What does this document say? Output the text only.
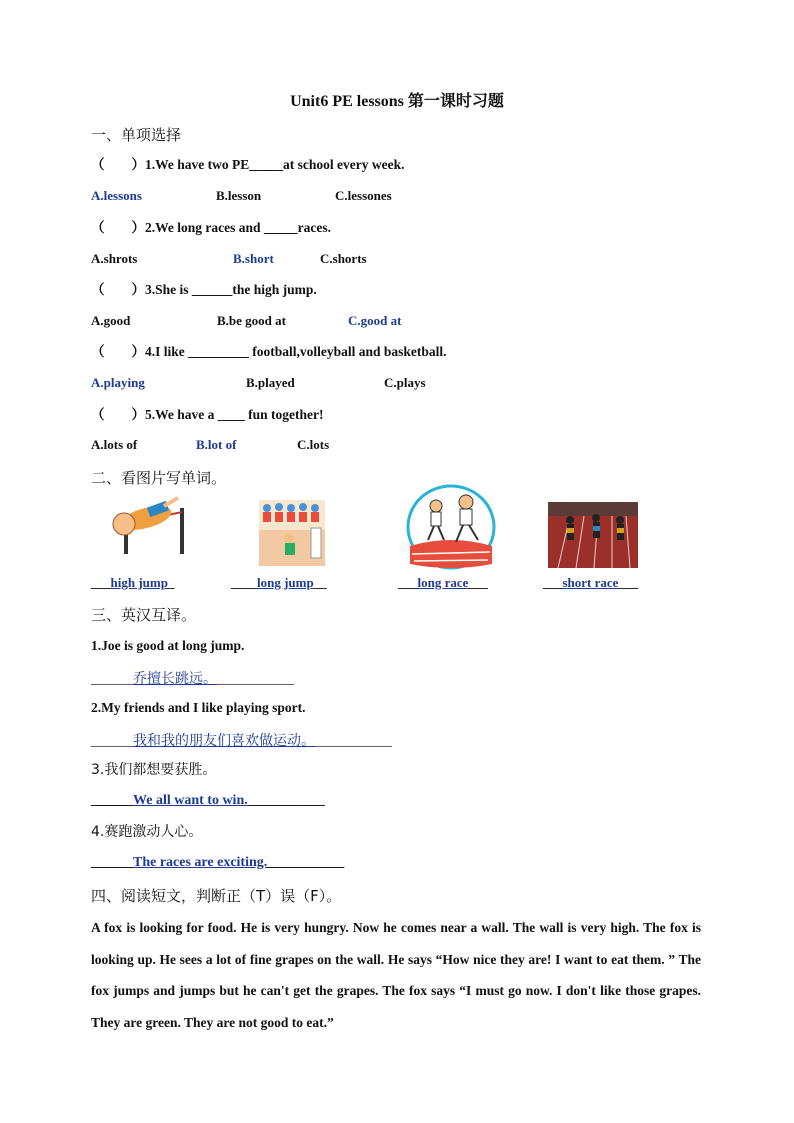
Unit6 PE lessons 第一课时习题
一、单项选择
（　　）1.We have two PE_____at school every week.
A.lessons	B.lesson	C.lessones
（　　）2.We long races and _____races.
A.shrots	B.short	C.shorts
（　　）3.She is ______the high jump.
A.good	B.be good at	C.good at
（　　）4.I like _________ football,volleyball and basketball.
A.playing	B.played	C.plays
（　　）5.We have a ____ fun together!
A.lots of	B.lot of	C.lots
二、看图片写单词。
___high jump_	____long jump__	___long race___	___short race___
三、英汉互译。
1.Joe is good at long jump.
______乔擅长跳远。___________
2.My friends and I like playing sport.
______我和我的朋友们喜欢做运动。___________
3.我们都想要获胜。
______We all want to win.___________
4.赛跑激动人心。
______The races are exciting.___________
四、阅读短文，判断正（T）误（F）。
A fox is looking for food. He is very hungry. Now he comes near a wall. The wall is very high. The fox is looking up. He sees a lot of fine grapes on the wall. He says “How nice they are! I want to eat them. ” The fox jumps and jumps but he can't get the grapes. The fox says “I must go now. I don't like those grapes. They are green. They are not good to eat.”
